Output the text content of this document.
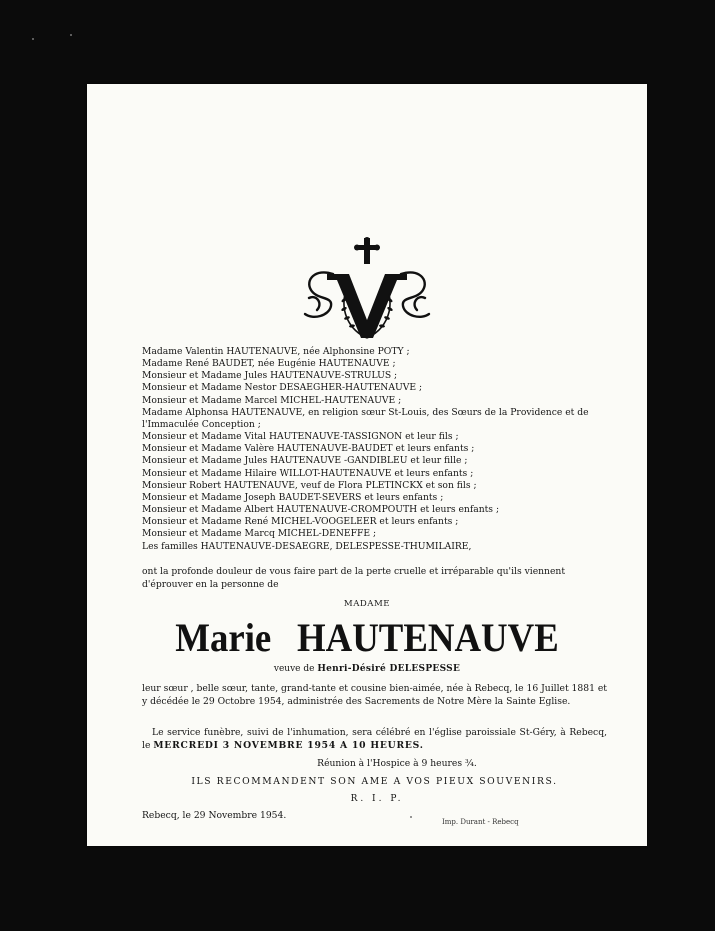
Madame Valentin HAUTENAUVE, née Alphonsine POTY ;
Madame René BAUDET, née Eugénie HAUTENAUVE ;
Monsieur et Madame Jules HAUTENAUVE-STRULUS ;
Monsieur et Madame Nestor DESAEGHER-HAUTENAUVE ;
Monsieur et Madame Marcel MICHEL-HAUTENAUVE ;
Madame Alphonsa HAUTENAUVE, en religion sœur St-Louis, des Sœurs de la Providence et de l'Immaculée Conception ;
Monsieur et Madame Vital HAUTENAUVE-TASSIGNON et leur fils ;
Monsieur et Madame Valère HAUTENAUVE-BAUDET et leurs enfants ;
Monsieur et Madame Jules HAUTENAUVE -GANDIBLEU et leur fille ;
Monsieur et Madame Hilaire WILLOT-HAUTENAUVE et leurs enfants ;
Monsieur Robert HAUTENAUVE, veuf de Flora PLETINCKX et son fils ;
Monsieur et Madame Joseph BAUDET-SEVERS et leurs enfants ;
Monsieur et Madame Albert HAUTENAUVE-CROMPOUTH et leurs enfants ;
Monsieur et Madame René MICHEL-VOOGELEER et leurs enfants ;
Monsieur et Madame Marcq MICHEL-DENEFFE ;
Les familles HAUTENAUVE-DESAEGRE, DELESPESSE-THUMILAIRE,
ont la profonde douleur de vous faire part de la perte cruelle et irréparable qu'ils viennent d'éprouver en la personne de
MADAME
Marie HAUTENAUVE
veuve de Henri-Désiré DELESPESSE
leur sœur , belle sœur, tante, grand-tante et cousine bien-aimée, née à Rebecq, le 16 Juillet 1881 et y décédée le 29 Octobre 1954, administrée des Sacrements de Notre Mère la Sainte Eglise.
Le service funèbre, suivi de l'inhumation, sera célébré en l'église paroissiale St-Géry, à Rebecq, le MERCREDI 3 NOVEMBRE 1954 A 10 HEURES.
Réunion à l'Hospice à 9 heures ¾.
ILS RECOMMANDENT SON AME A VOS PIEUX SOUVENIRS.
R. I. P.
Rebecq, le 29 Novembre 1954.
Imp. Durant - Rebecq
